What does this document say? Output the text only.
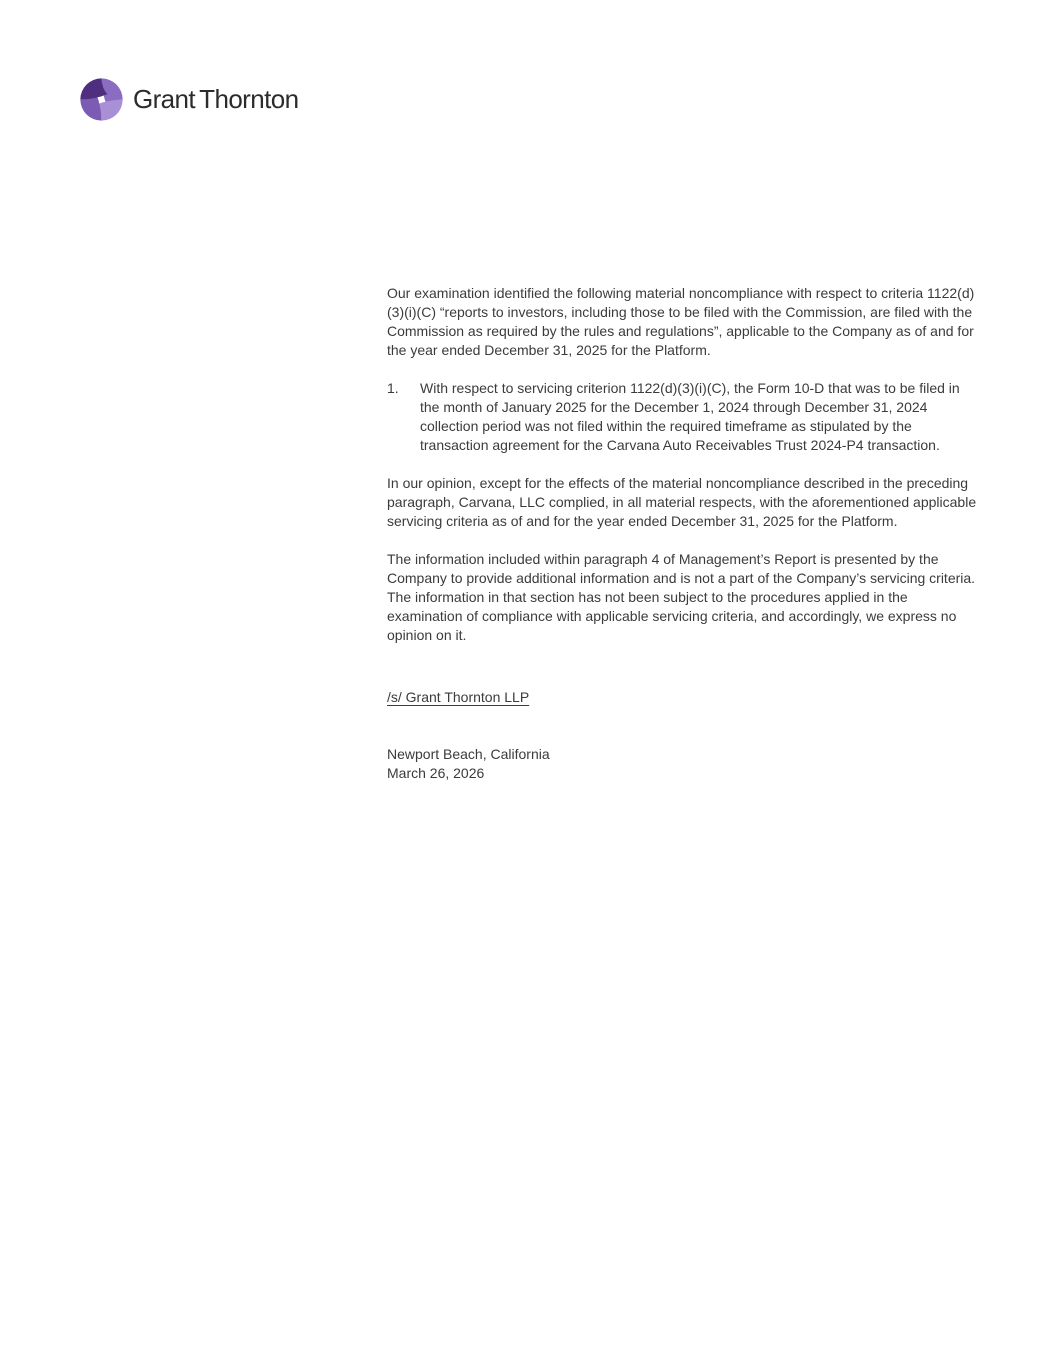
Grant Thornton

Our examination identified the following material noncompliance with respect to criteria 1122(d)(3)(i)(C) “reports to investors, including those to be filed with the Commission, are filed with the Commission as required by the rules and regulations”, applicable to the Company as of and for the year ended December 31, 2025 for the Platform.

1.	With respect to servicing criterion 1122(d)(3)(i)(C), the Form 10-D that was to be filed in the month of January 2025 for the December 1, 2024 through December 31, 2024 collection period was not filed within the required timeframe as stipulated by the transaction agreement for the Carvana Auto Receivables Trust 2024-P4 transaction.

In our opinion, except for the effects of the material noncompliance described in the preceding paragraph, Carvana, LLC complied, in all material respects, with the aforementioned applicable servicing criteria as of and for the year ended December 31, 2025 for the Platform.

The information included within paragraph 4 of Management’s Report is presented by the Company to provide additional information and is not a part of the Company’s servicing criteria. The information in that section has not been subject to the procedures applied in the examination of compliance with applicable servicing criteria, and accordingly, we express no opinion on it.

/s/ Grant Thornton LLP
Newport Beach, California
March 26, 2026
